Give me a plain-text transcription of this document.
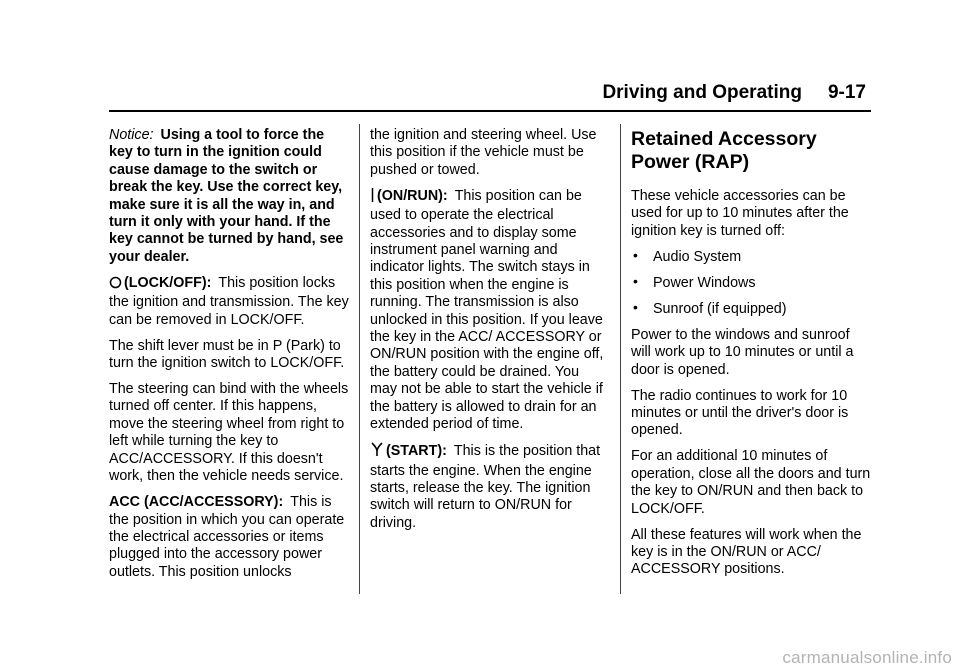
Driving and Operating 9-17

Notice: Using a tool to force the key to turn in the ignition could cause damage to the switch or break the key. Use the correct key, make sure it is all the way in, and turn it only with your hand. If the key cannot be turned by hand, see your dealer.

(LOCK/OFF): This position locks the ignition and transmission. The key can be removed in LOCK/OFF.

The shift lever must be in P (Park) to turn the ignition switch to LOCK/OFF.

The steering can bind with the wheels turned off center. If this happens, move the steering wheel from right to left while turning the key to ACC/ACCESSORY. If this doesn't work, then the vehicle needs service.

ACC (ACC/ACCESSORY): This is the position in which you can operate the electrical accessories or items plugged into the accessory power outlets. This position unlocks

the ignition and steering wheel. Use this position if the vehicle must be pushed or towed.

(ON/RUN): This position can be used to operate the electrical accessories and to display some instrument panel warning and indicator lights. The switch stays in this position when the engine is running. The transmission is also unlocked in this position. If you leave the key in the ACC/ ACCESSORY or ON/RUN position with the engine off, the battery could be drained. You may not be able to start the vehicle if the battery is allowed to drain for an extended period of time.

(START): This is the position that starts the engine. When the engine starts, release the key. The ignition switch will return to ON/RUN for driving.

Retained Accessory Power (RAP)

These vehicle accessories can be used for up to 10 minutes after the ignition key is turned off:

• Audio System
• Power Windows
• Sunroof (if equipped)

Power to the windows and sunroof will work up to 10 minutes or until a door is opened.

The radio continues to work for 10 minutes or until the driver's door is opened.

For an additional 10 minutes of operation, close all the doors and turn the key to ON/RUN and then back to LOCK/OFF.

All these features will work when the key is in the ON/RUN or ACC/ ACCESSORY positions.

carmanualsonline.info
